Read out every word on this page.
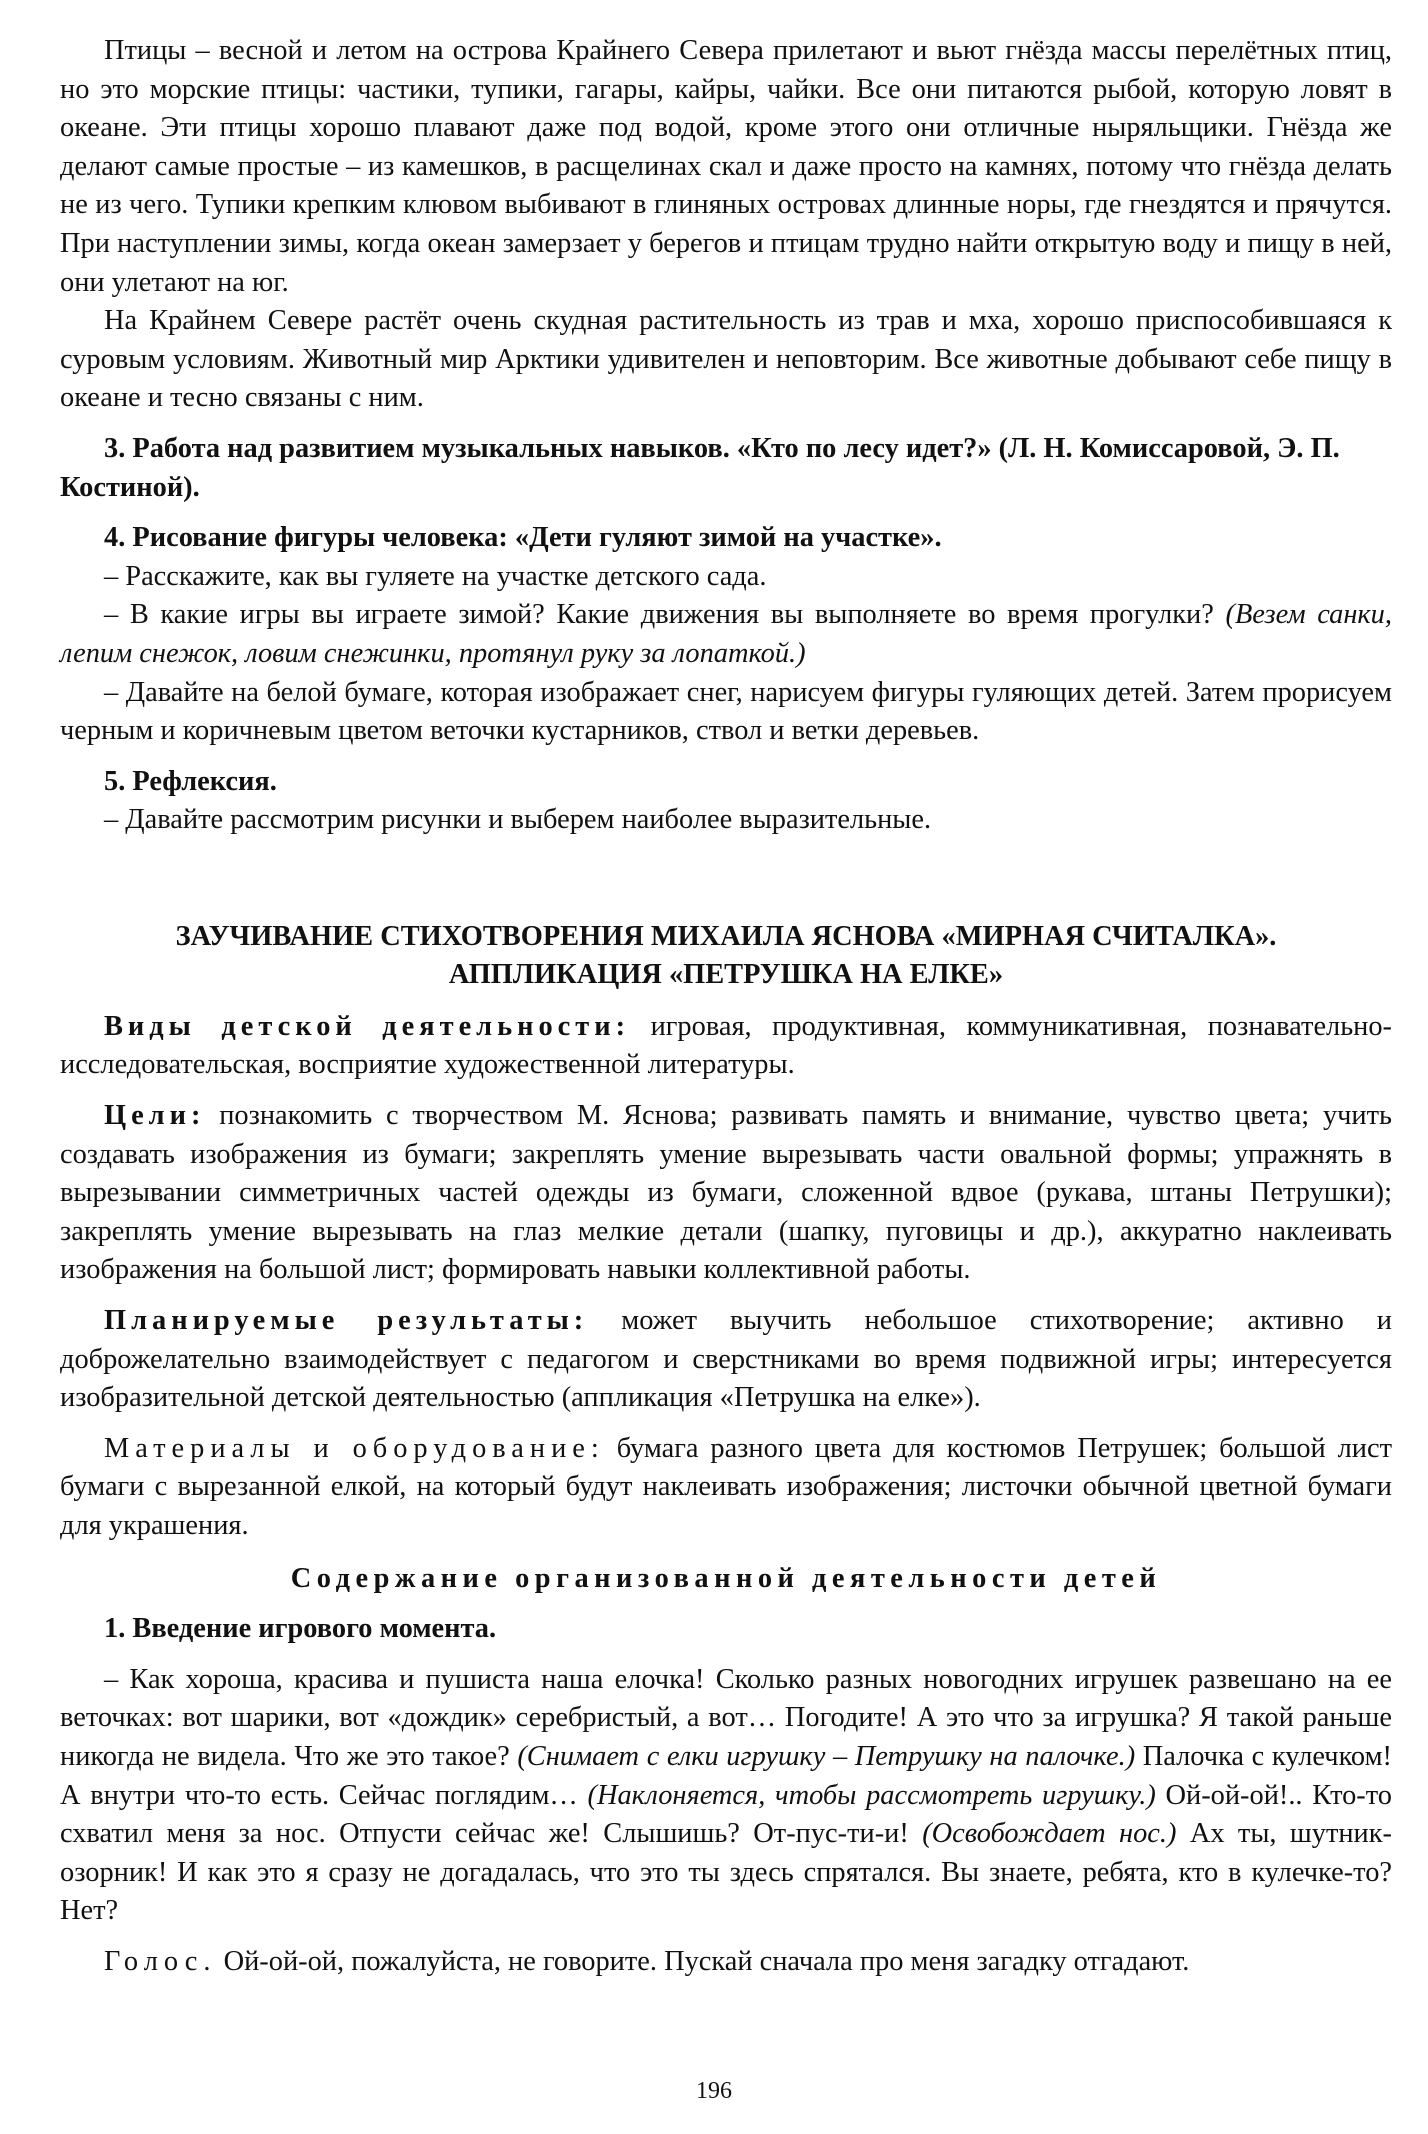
Птицы – весной и летом на острова Крайнего Севера прилетают и вьют гнёзда массы перелётных птиц, но это морские птицы: частики, тупики, гагары, кайры, чайки. Все они питаются рыбой, которую ловят в океане. Эти птицы хорошо плавают даже под водой, кроме этого они отличные ныряльщики. Гнёзда же делают самые простые – из камешков, в расщелинах скал и даже просто на камнях, потому что гнёзда делать не из чего. Тупики крепким клювом выбивают в глиняных островах длинные норы, где гнездятся и прячутся. При наступлении зимы, когда океан замерзает у берегов и птицам трудно найти открытую воду и пищу в ней, они улетают на юг.

На Крайнем Севере растёт очень скудная растительность из трав и мха, хорошо приспособившаяся к суровым условиям. Животный мир Арктики удивителен и неповторим. Все животные добывают себе пищу в океане и тесно связаны с ним.

3. Работа над развитием музыкальных навыков. «Кто по лесу идет?» (Л. Н. Комиссаровой, Э. П. Костиной).

4. Рисование фигуры человека: «Дети гуляют зимой на участке».

– Расскажите, как вы гуляете на участке детского сада.

– В какие игры вы играете зимой? Какие движения вы выполняете во время прогулки? (Везем санки, лепим снежок, ловим снежинки, протянул руку за лопаткой.)

– Давайте на белой бумаге, которая изображает снег, нарисуем фигуры гуляющих детей. Затем прорисуем черным и коричневым цветом веточки кустарников, ствол и ветки деревьев.

5. Рефлексия.

– Давайте рассмотрим рисунки и выберем наиболее выразительные.

ЗАУЧИВАНИЕ СТИХОТВОРЕНИЯ МИХАИЛА ЯСНОВА «МИРНАЯ СЧИТАЛКА».
АППЛИКАЦИЯ «ПЕТРУШКА НА ЕЛКЕ»

Виды детской деятельности: игровая, продуктивная, коммуникативная, познавательно-исследовательская, восприятие художественной литературы.

Цели: познакомить с творчеством М. Яснова; развивать память и внимание, чувство цвета; учить создавать изображения из бумаги; закреплять умение вырезывать части овальной формы; упражнять в вырезывании симметричных частей одежды из бумаги, сложенной вдвое (рукава, штаны Петрушки); закреплять умение вырезывать на глаз мелкие детали (шапку, пуговицы и др.), аккуратно наклеивать изображения на большой лист; формировать навыки коллективной работы.

Планируемые результаты: может выучить небольшое стихотворение; активно и доброжелательно взаимодействует с педагогом и сверстниками во время подвижной игры; интересуется изобразительной детской деятельностью (аппликация «Петрушка на елке»).

Материалы и оборудование: бумага разного цвета для костюмов Петрушек; большой лист бумаги с вырезанной елкой, на который будут наклеивать изображения; листочки обычной цветной бумаги для украшения.

Содержание организованной деятельности детей

1. Введение игрового момента.

– Как хороша, красива и пушиста наша елочка! Сколько разных новогодних игрушек развешано на ее веточках: вот шарики, вот «дождик» серебристый, а вот… Погодите! А это что за игрушка? Я такой раньше никогда не видела. Что же это такое? (Снимает с елки игрушку – Петрушку на палочке.) Палочка с кулечком! А внутри что-то есть. Сейчас поглядим… (Наклоняется, чтобы рассмотреть игрушку.) Ой-ой-ой!.. Кто-то схватил меня за нос. Отпусти сейчас же! Слышишь? От-пус-ти-и! (Освобождает нос.) Ах ты, шутник-озорник! И как это я сразу не догадалась, что это ты здесь спрятался. Вы знаете, ребята, кто в кулечке-то? Нет?

Голос. Ой-ой-ой, пожалуйста, не говорите. Пускай сначала про меня загадку отгадают.

196
